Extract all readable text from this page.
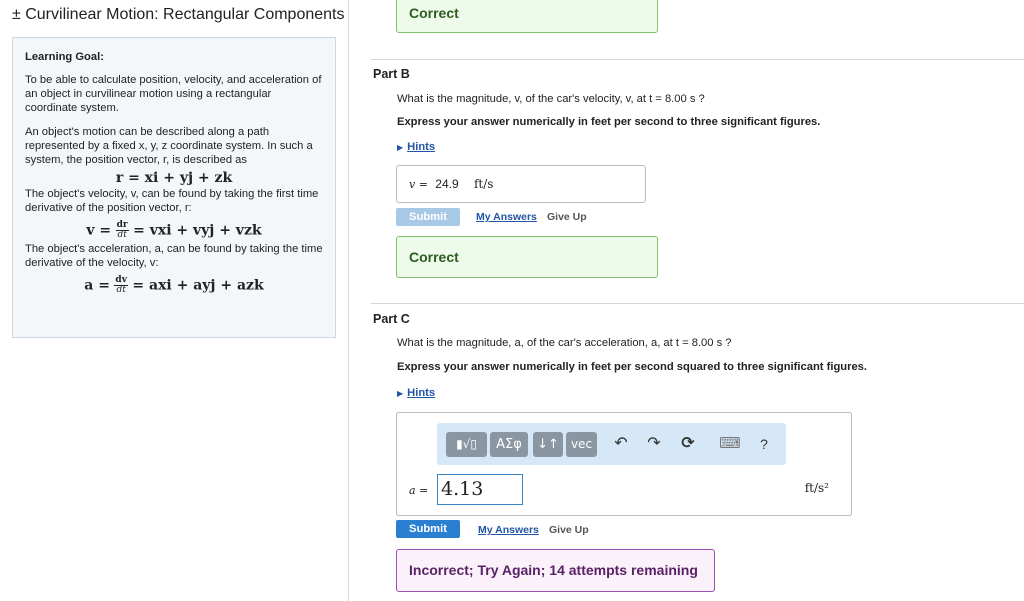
± Curvilinear Motion: Rectangular Components
Learning Goal:

To be able to calculate position, velocity, and acceleration of an object in curvilinear motion using a rectangular coordinate system.

An object's motion can be described along a path represented by a fixed x, y, z coordinate system. In such a system, the position vector, r, is described as

r = xi + yj + zk

The object's velocity, v, can be found by taking the first time derivative of the position vector, r:

$v = \frac{dr}{dt}$ = vxi + vyj + vzk

The object's acceleration, a, can be found by taking the time derivative of the velocity, v:

$a = \frac{dv}{dt}$ = axi + ayj + azk
Correct
Part B
What is the magnitude, v, of the car's velocity, v, at t = 8.00 s ?
Express your answer numerically in feet per second to three significant figures.
▶ Hints
v = 24.9 ft/s
Submit	My Answers Give Up
Correct
Part C
What is the magnitude, a, of the car's acceleration, a, at t = 8.00 s ?
Express your answer numerically in feet per second squared to three significant figures.
▶ Hints
▮√▯	ΑΣφ	↓↑	vec	↶ ↷ ⟳ ⌨ ?
a = 4.13	ft/s²
Submit	My Answers Give Up
Incorrect; Try Again; 14 attempts remaining
